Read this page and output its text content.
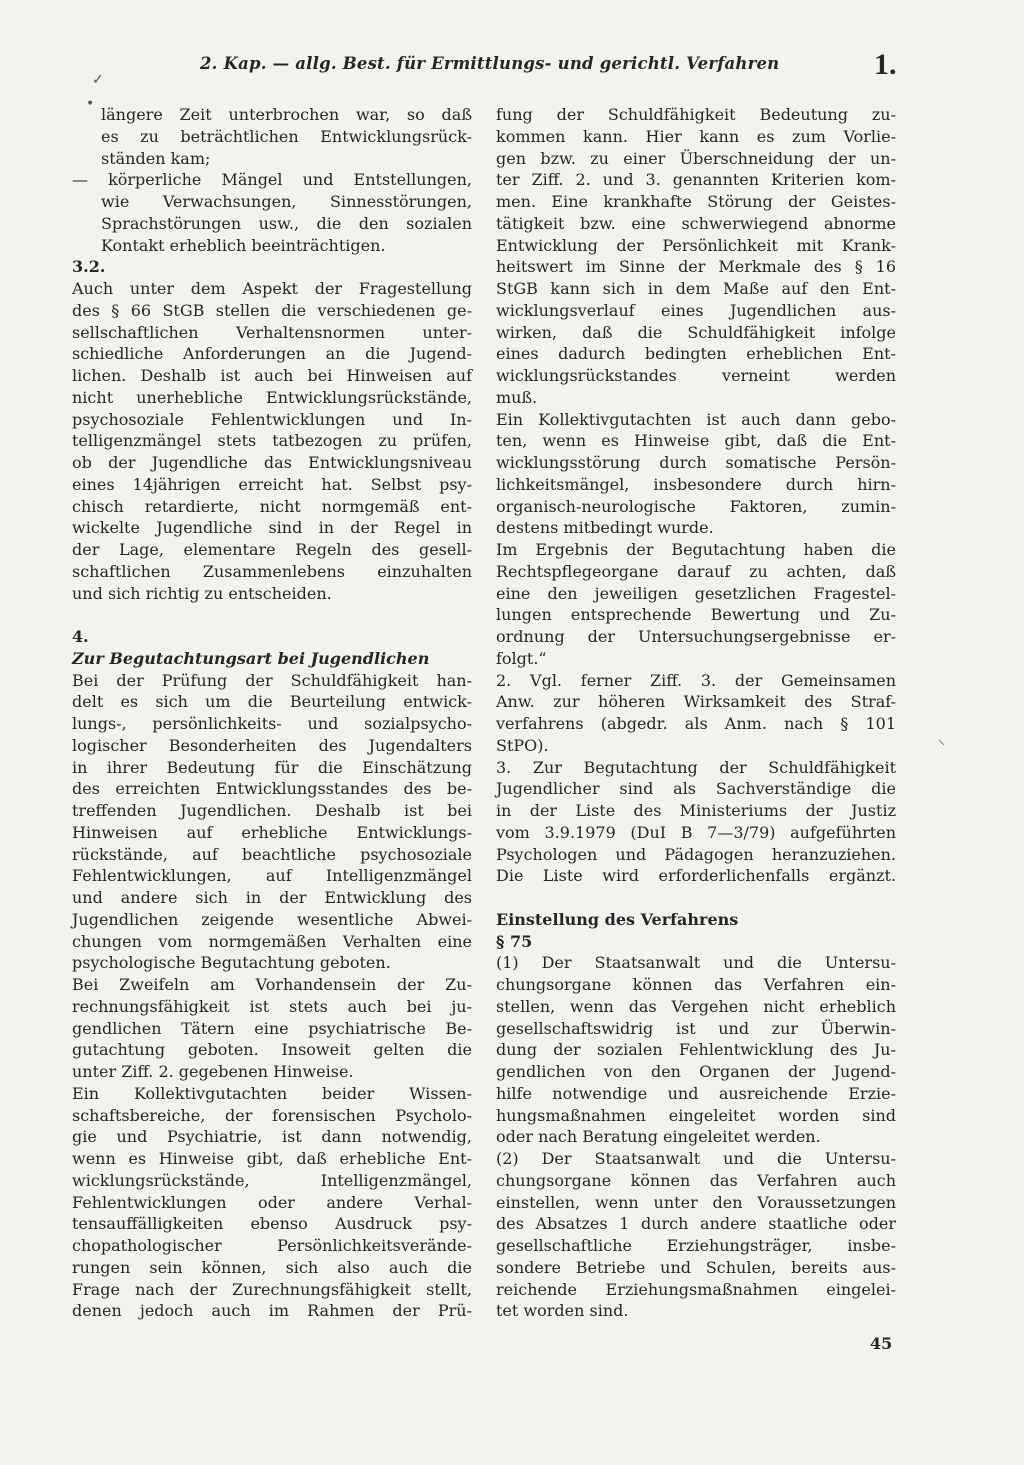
2. Kap. — allg. Best. für Ermittlungs- und gerichtl. Verfahren	1.
✓
•
⸜
längere Zeit unterbrochen war, so daß
es zu beträchtlichen Entwicklungsrück-
ständen kam;
— körperliche Mängel und Entstellungen,
wie Verwachsungen, Sinnesstörungen,
Sprachstörungen usw., die den sozialen
Kontakt erheblich beeinträchtigen.
3.2.
Auch unter dem Aspekt der Fragestellung
des § 66 StGB stellen die verschiedenen ge-
sellschaftlichen Verhaltensnormen unter-
schiedliche Anforderungen an die Jugend-
lichen. Deshalb ist auch bei Hinweisen auf
nicht unerhebliche Entwicklungsrückstände,
psychosoziale Fehlentwicklungen und In-
telligenzmängel stets tatbezogen zu prüfen,
ob der Jugendliche das Entwicklungsniveau
eines 14jährigen erreicht hat. Selbst psy-
chisch retardierte, nicht normgemäß ent-
wickelte Jugendliche sind in der Regel in
der Lage, elementare Regeln des gesell-
schaftlichen Zusammenlebens einzuhalten
und sich richtig zu entscheiden.
4.
Zur Begutachtungsart bei Jugendlichen
Bei der Prüfung der Schuldfähigkeit han-
delt es sich um die Beurteilung entwick-
lungs-, persönlichkeits- und sozialpsycho-
logischer Besonderheiten des Jugendalters
in ihrer Bedeutung für die Einschätzung
des erreichten Entwicklungsstandes des be-
treffenden Jugendlichen. Deshalb ist bei
Hinweisen auf erhebliche Entwicklungs-
rückstände, auf beachtliche psychosoziale
Fehlentwicklungen, auf Intelligenzmängel
und andere sich in der Entwicklung des
Jugendlichen zeigende wesentliche Abwei-
chungen vom normgemäßen Verhalten eine
psychologische Begutachtung geboten.
Bei Zweifeln am Vorhandensein der Zu-
rechnungsfähigkeit ist stets auch bei ju-
gendlichen Tätern eine psychiatrische Be-
gutachtung geboten. Insoweit gelten die
unter Ziff. 2. gegebenen Hinweise.
Ein Kollektivgutachten beider Wissen-
schaftsbereiche, der forensischen Psycholo-
gie und Psychiatrie, ist dann notwendig,
wenn es Hinweise gibt, daß erhebliche Ent-
wicklungsrückstände, Intelligenzmängel,
Fehlentwicklungen oder andere Verhal-
tensauffälligkeiten ebenso Ausdruck psy-
chopathologischer Persönlichkeitsverände-
rungen sein können, sich also auch die
Frage nach der Zurechnungsfähigkeit stellt,
denen jedoch auch im Rahmen der Prü-
fung der Schuldfähigkeit Bedeutung zu-
kommen kann. Hier kann es zum Vorlie-
gen bzw. zu einer Überschneidung der un-
ter Ziff. 2. und 3. genannten Kriterien kom-
men. Eine krankhafte Störung der Geistes-
tätigkeit bzw. eine schwerwiegend abnorme
Entwicklung der Persönlichkeit mit Krank-
heitswert im Sinne der Merkmale des § 16
StGB kann sich in dem Maße auf den Ent-
wicklungsverlauf eines Jugendlichen aus-
wirken, daß die Schuldfähigkeit infolge
eines dadurch bedingten erheblichen Ent-
wicklungsrückstandes verneint werden
muß.
Ein Kollektivgutachten ist auch dann gebo-
ten, wenn es Hinweise gibt, daß die Ent-
wicklungsstörung durch somatische Persön-
lichkeitsmängel, insbesondere durch hirn-
organisch-neurologische Faktoren, zumin-
destens mitbedingt wurde.
Im Ergebnis der Begutachtung haben die
Rechtspflegeorgane darauf zu achten, daß
eine den jeweiligen gesetzlichen Fragestel-
lungen entsprechende Bewertung und Zu-
ordnung der Untersuchungsergebnisse er-
folgt.“
2. Vgl. ferner Ziff. 3. der Gemeinsamen
Anw. zur höheren Wirksamkeit des Straf-
verfahrens (abgedr. als Anm. nach § 101
StPO).
3. Zur Begutachtung der Schuldfähigkeit
Jugendlicher sind als Sachverständige die
in der Liste des Ministeriums der Justiz
vom 3.9.1979 (DuI B 7—3/79) aufgeführten
Psychologen und Pädagogen heranzuziehen.
Die Liste wird erforderlichenfalls ergänzt.
Einstellung des Verfahrens
§ 75
(1) Der Staatsanwalt und die Untersu-
chungsorgane können das Verfahren ein-
stellen, wenn das Vergehen nicht erheblich
gesellschaftswidrig ist und zur Überwin-
dung der sozialen Fehlentwicklung des Ju-
gendlichen von den Organen der Jugend-
hilfe notwendige und ausreichende Erzie-
hungsmaßnahmen eingeleitet worden sind
oder nach Beratung eingeleitet werden.
(2) Der Staatsanwalt und die Untersu-
chungsorgane können das Verfahren auch
einstellen, wenn unter den Voraussetzungen
des Absatzes 1 durch andere staatliche oder
gesellschaftliche Erziehungsträger, insbe-
sondere Betriebe und Schulen, bereits aus-
reichende Erziehungsmaßnahmen eingelei-
tet worden sind.
45
